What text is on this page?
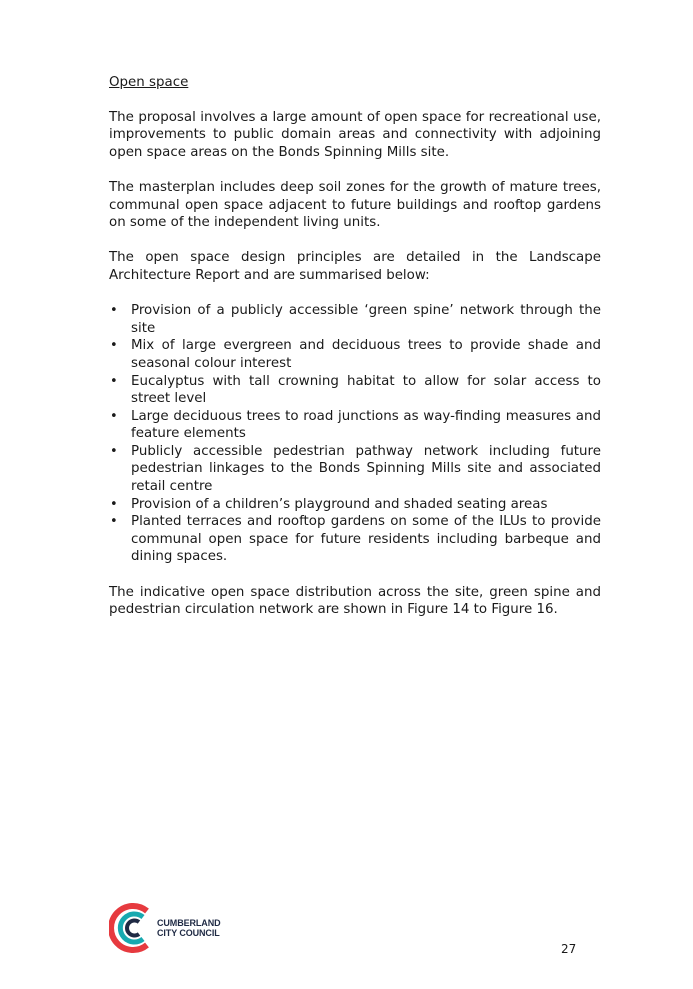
Open space

The proposal involves a large amount of open space for recreational use, improvements to public domain areas and connectivity with adjoining open space areas on the Bonds Spinning Mills site.

The masterplan includes deep soil zones for the growth of mature trees, communal open space adjacent to future buildings and rooftop gardens on some of the independent living units.

The open space design principles are detailed in the Landscape Architecture Report and are summarised below:

• Provision of a publicly accessible ‘green spine’ network through the site
• Mix of large evergreen and deciduous trees to provide shade and seasonal colour interest
• Eucalyptus with tall crowning habitat to allow for solar access to street level
• Large deciduous trees to road junctions as way-finding measures and feature elements
• Publicly accessible pedestrian pathway network including future pedestrian linkages to the Bonds Spinning Mills site and associated retail centre
• Provision of a children’s playground and shaded seating areas
• Planted terraces and rooftop gardens on some of the ILUs to provide communal open space for future residents including barbeque and dining spaces.

The indicative open space distribution across the site, green spine and pedestrian circulation network are shown in Figure 14 to Figure 16.

CUMBERLAND
CITY COUNCIL
27
